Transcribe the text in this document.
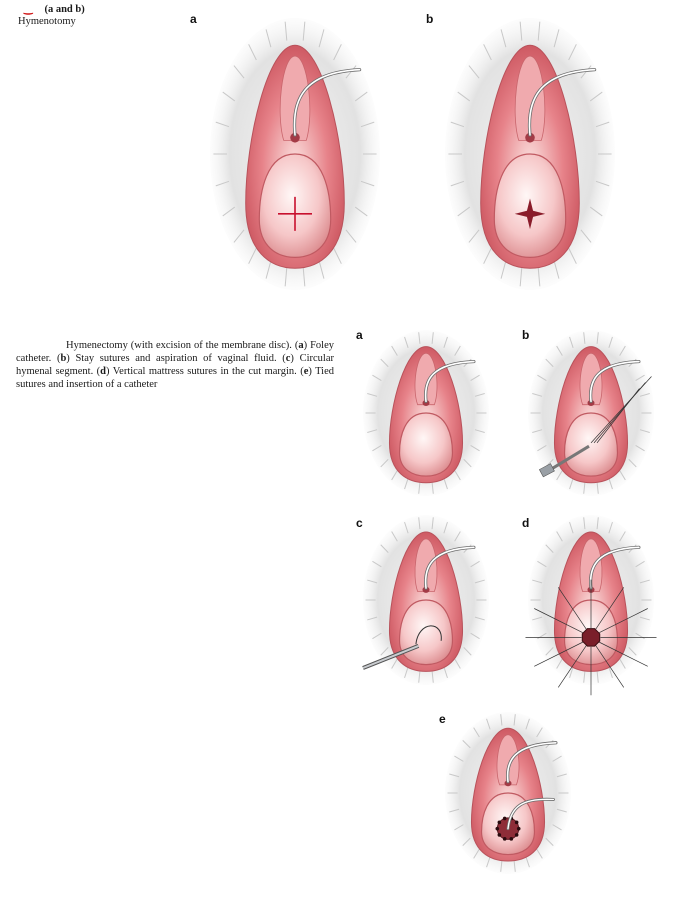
‿ (a and b)
Hymenotomy	a	b
Hymenectomy (with excision of the membrane disc). (a) Foley catheter. (b) Stay sutures and aspiration of vaginal fluid. (c) Circular hymenal segment. (d) Vertical mattress sutures in the cut margin. (e) Tied sutures and insertion of a catheter
a	b
c	d
e
